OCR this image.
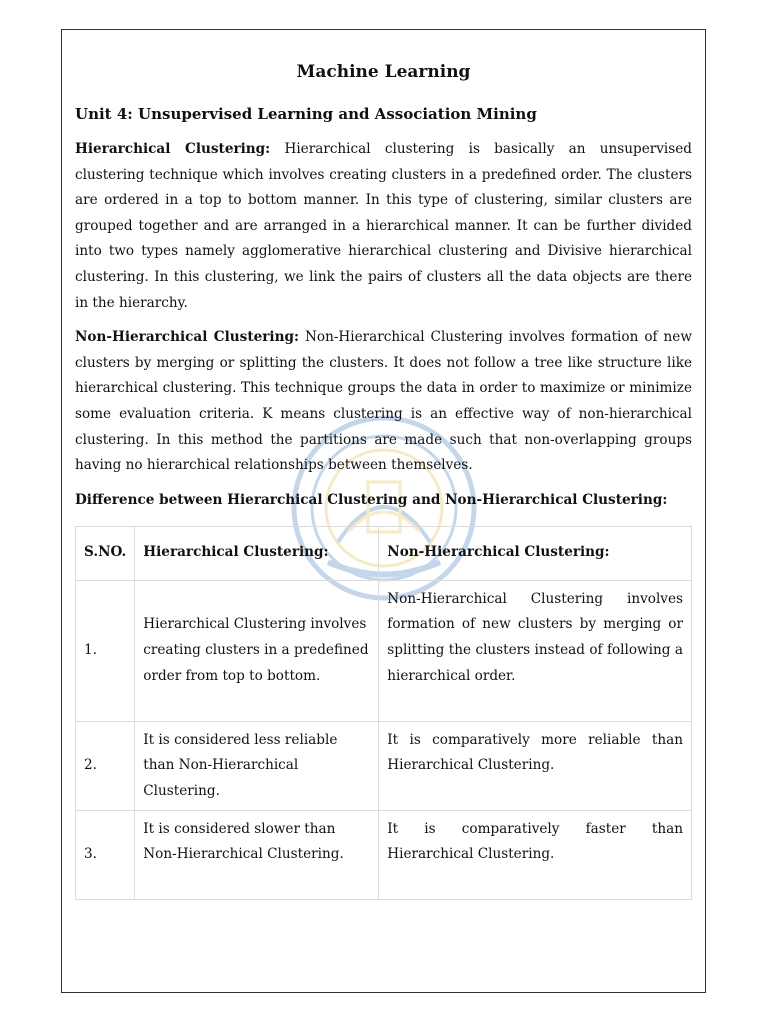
Machine Learning
Unit 4: Unsupervised Learning and Association Mining

Hierarchical Clustering: Hierarchical clustering is basically an unsupervised clustering technique which involves creating clusters in a predefined order. The clusters are ordered in a top to bottom manner. In this type of clustering, similar clusters are grouped together and are arranged in a hierarchical manner. It can be further divided into two types namely agglomerative hierarchical clustering and Divisive hierarchical clustering. In this clustering, we link the pairs of clusters all the data objects are there in the hierarchy.

Non-Hierarchical Clustering: Non-Hierarchical Clustering involves formation of new clusters by merging or splitting the clusters. It does not follow a tree like structure like hierarchical clustering. This technique groups the data in order to maximize or minimize some evaluation criteria. K means clustering is an effective way of non-hierarchical clustering. In this method the partitions are made such that non-overlapping groups having no hierarchical relationships between themselves.

Difference between Hierarchical Clustering and Non-Hierarchical Clustering:
S.NO.	Hierarchical Clustering:	Non-Hierarchical Clustering:
1.	Hierarchical Clustering involves creating clusters in a predefined order from top to bottom.	Non-Hierarchical Clustering involves formation of new clusters by merging or splitting the clusters instead of following a hierarchical order.
2.	It is considered less reliable than Non-Hierarchical Clustering.	It is comparatively more reliable than Hierarchical Clustering.
3.	It is considered slower than Non-Hierarchical Clustering.	It is comparatively faster than Hierarchical Clustering.
